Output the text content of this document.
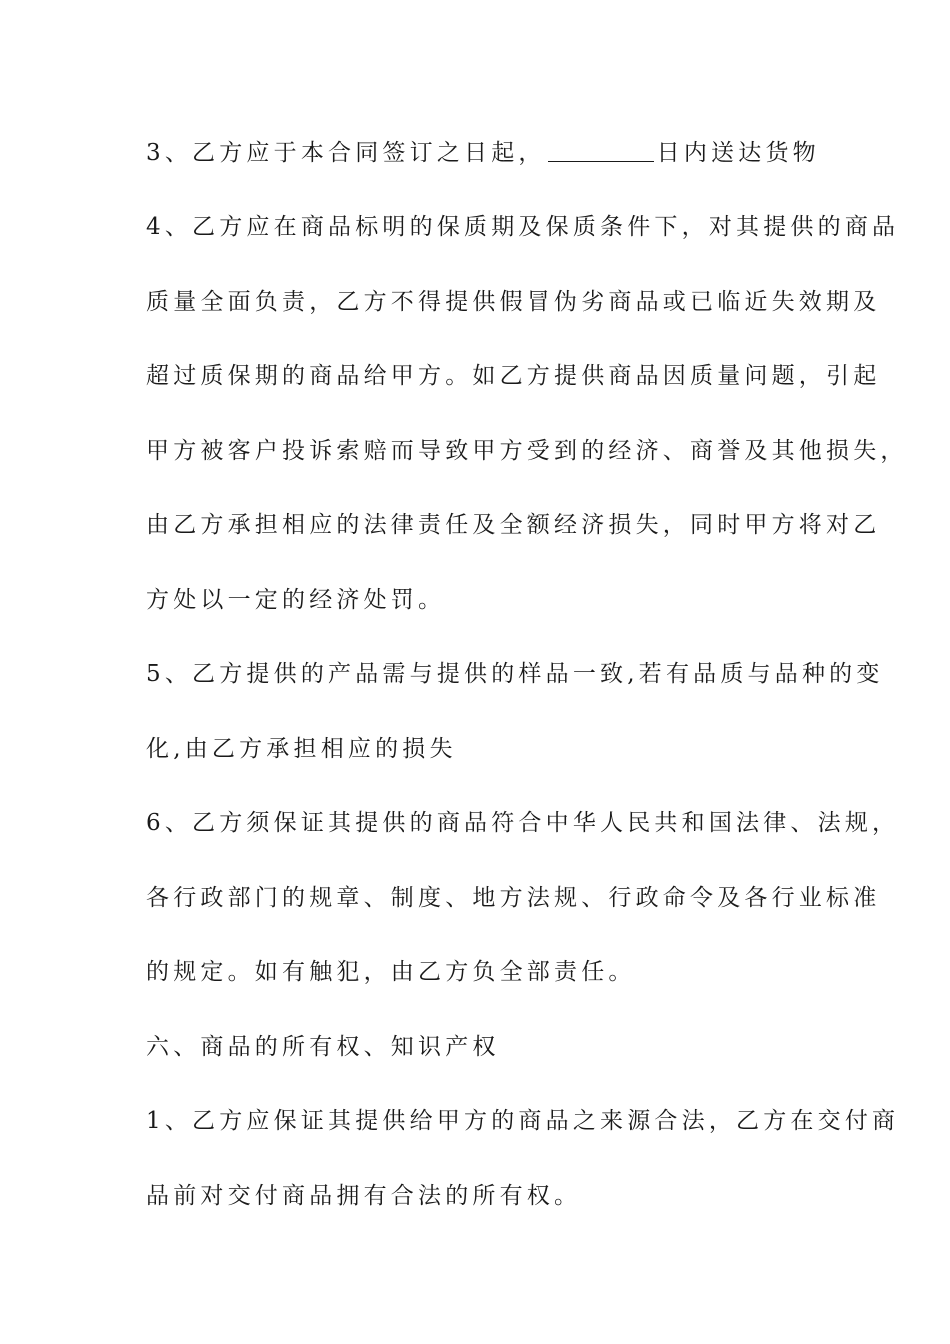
3、乙方应于本合同签订之日起，	日内送达货物
4、乙方应在商品标明的保质期及保质条件下，对其提供的商品
质量全面负责，乙方不得提供假冒伪劣商品或已临近失效期及
超过质保期的商品给甲方。如乙方提供商品因质量问题，引起
甲方被客户投诉索赔而导致甲方受到的经济、商誉及其他损失，
由乙方承担相应的法律责任及全额经济损失，同时甲方将对乙
方处以一定的经济处罚。
5、乙方提供的产品需与提供的样品一致,若有品质与品种的变
化,由乙方承担相应的损失
6、乙方须保证其提供的商品符合中华人民共和国法律、法规，
各行政部门的规章、制度、地方法规、行政命令及各行业标准
的规定。如有触犯，由乙方负全部责任。
六、商品的所有权、知识产权
1、乙方应保证其提供给甲方的商品之来源合法，乙方在交付商
品前对交付商品拥有合法的所有权。
